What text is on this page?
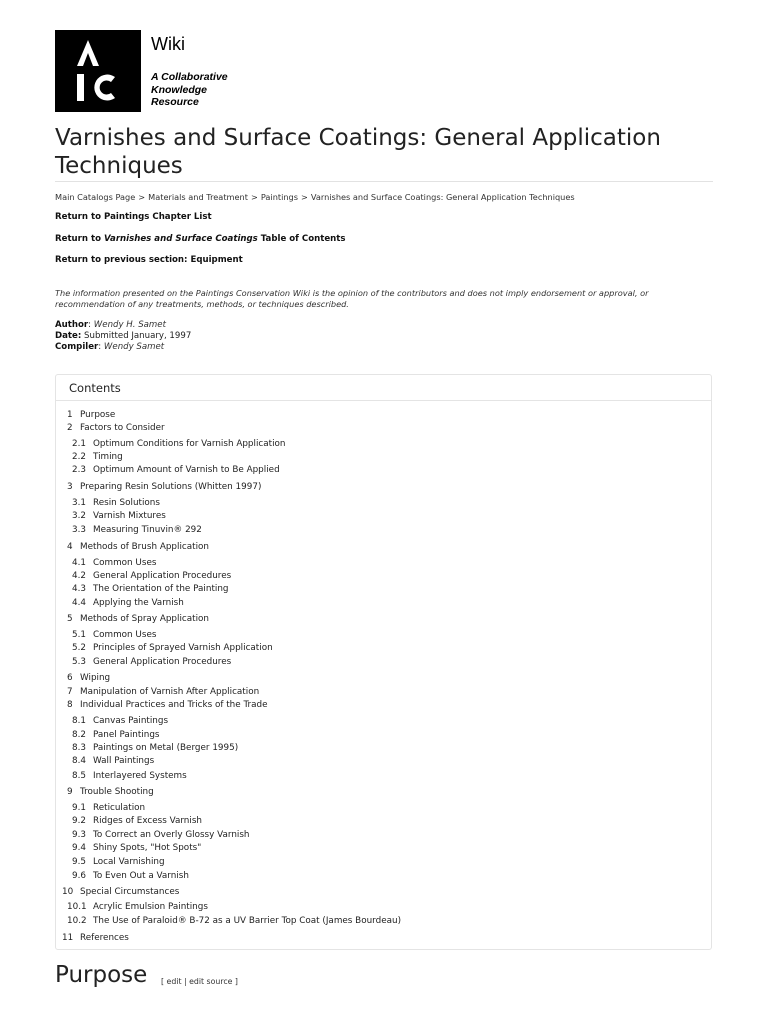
Wiki
A Collaborative
Knowledge
Resource
Varnishes and Surface Coatings: General Application Techniques
Main Catalogs Page > Materials and Treatment > Paintings > Varnishes and Surface Coatings: General Application Techniques
Return to Paintings Chapter List
Return to Varnishes and Surface Coatings Table of Contents
Return to previous section: Equipment
The information presented on the Paintings Conservation Wiki is the opinion of the contributors and does not imply endorsement or approval, or recommendation of any treatments, methods, or techniques described.
Author: Wendy H. Samet
Date: Submitted January, 1997
Compiler: Wendy Samet
Contents
1 Purpose
2 Factors to Consider
2.1 Optimum Conditions for Varnish Application
2.2 Timing
2.3 Optimum Amount of Varnish to Be Applied
3 Preparing Resin Solutions (Whitten 1997)
3.1 Resin Solutions
3.2 Varnish Mixtures
3.3 Measuring Tinuvin® 292
4 Methods of Brush Application
4.1 Common Uses
4.2 General Application Procedures
4.3 The Orientation of the Painting
4.4 Applying the Varnish
5 Methods of Spray Application
5.1 Common Uses
5.2 Principles of Sprayed Varnish Application
5.3 General Application Procedures
6 Wiping
7 Manipulation of Varnish After Application
8 Individual Practices and Tricks of the Trade
8.1 Canvas Paintings
8.2 Panel Paintings
8.3 Paintings on Metal (Berger 1995)
8.4 Wall Paintings
8.5 Interlayered Systems
9 Trouble Shooting
9.1 Reticulation
9.2 Ridges of Excess Varnish
9.3 To Correct an Overly Glossy Varnish
9.4 Shiny Spots, "Hot Spots"
9.5 Local Varnishing
9.6 To Even Out a Varnish
10 Special Circumstances
10.1 Acrylic Emulsion Paintings
10.2 The Use of Paraloid® B-72 as a UV Barrier Top Coat (James Bourdeau)
11 References
Purpose [ edit | edit source ]
